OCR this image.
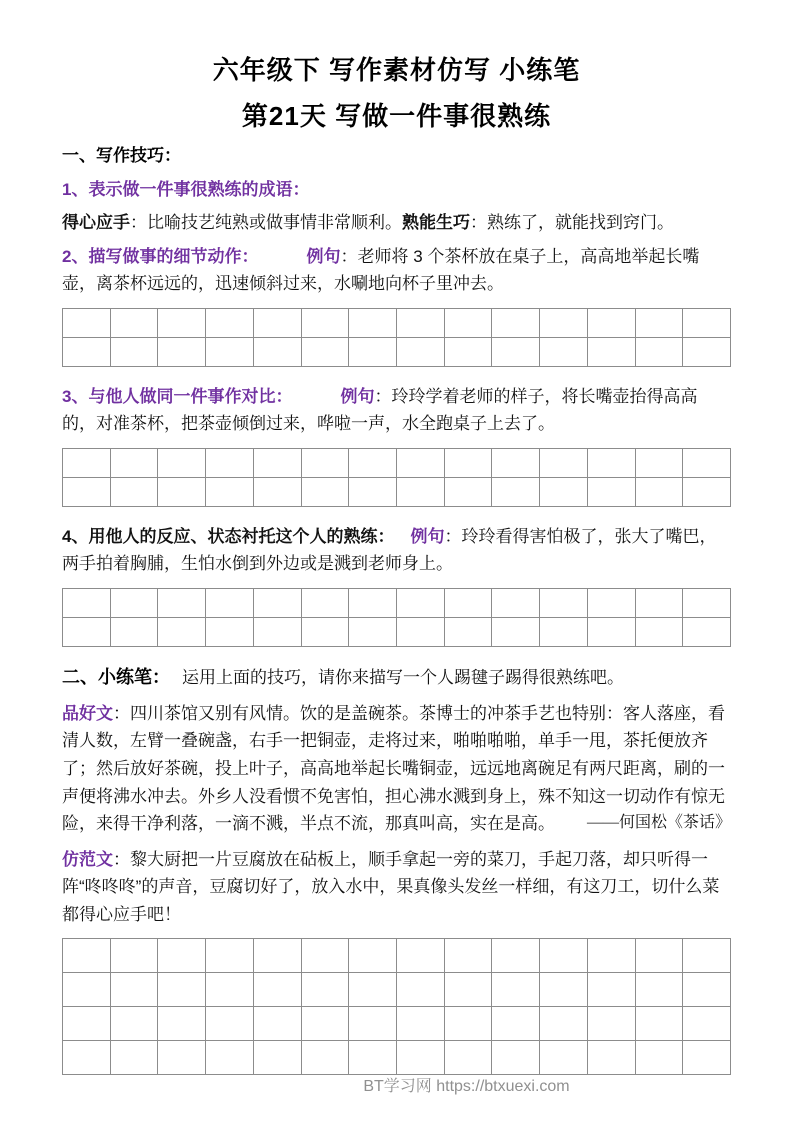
六年级下 写作素材仿写 小练笔
第21天 写做一件事很熟练

一、写作技巧：

1、表示做一件事很熟练的成语：

得心应手：比喻技艺纯熟或做事情非常顺利。熟能生巧：熟练了，就能找到窍门。

2、描写做事的细节动作：	例句：老师将 3 个茶杯放在桌子上，高高地举起长嘴壶，离茶杯远远的，迅速倾斜过来，水唰地向杯子里冲去。

3、与他人做同一件事作对比：	例句：玲玲学着老师的样子，将长嘴壶抬得高高的，对准茶杯，把茶壶倾倒过来，哗啦一声，水全跑桌子上去了。

4、用他人的反应、状态衬托这个人的熟练： 例句：玲玲看得害怕极了，张大了嘴巴，两手拍着胸脯，生怕水倒到外边或是溅到老师身上。

二、小练笔： 运用上面的技巧，请你来描写一个人踢毽子踢得很熟练吧。

品好文：四川茶馆又别有风情。饮的是盖碗茶。茶博士的冲茶手艺也特别：客人落座，看清人数，左臂一叠碗盏，右手一把铜壶，走将过来，啪啪啪啪，单手一甩，茶托便放齐了；然后放好茶碗，投上叶子，高高地举起长嘴铜壶，远远地离碗足有两尺距离，刷的一声便将沸水冲去。外乡人没看惯不免害怕，担心沸水溅到身上，殊不知这一切动作有惊无险，来得干净利落，一滴不溅，半点不流，那真叫高，实在是高。 ——何国松《茶话》

仿范文：黎大厨把一片豆腐放在砧板上，顺手拿起一旁的菜刀，手起刀落，却只听得一阵“咚咚咚”的声音，豆腐切好了，放入水中，果真像头发丝一样细，有这刀工，切什么菜都得心应手吧！

BT学习网 https://btxuexi.com
